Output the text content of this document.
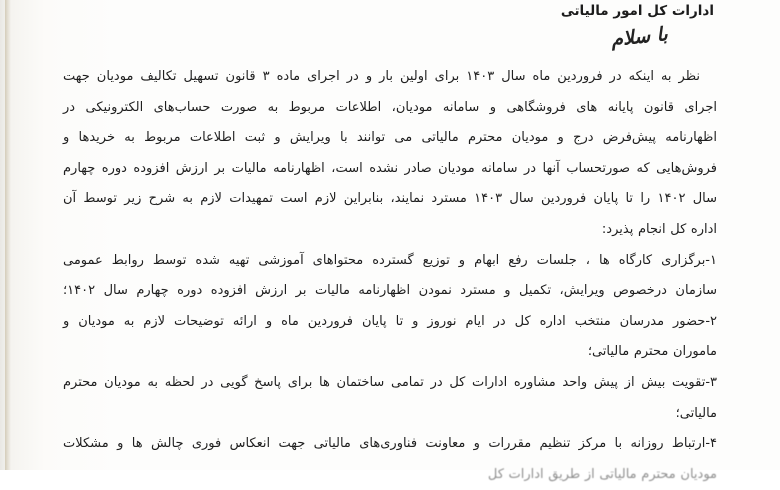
ادارات کل امور مالیاتی
با سلام
نظر به اینکه در فروردین ماه سال ۱۴۰۳ برای اولین بار و در اجرای ماده ۳ قانون تسهیل تکالیف مودیان جهت
اجرای قانون پایانه های فروشگاهی و سامانه مودیان، اطلاعات مربوط به صورت حساب‌های الکترونیکی در
اظهارنامه پیش‌فرض درج و مودیان محترم مالیاتی می توانند با ویرایش و ثبت اطلاعات مربوط به خریدها و
فروش‌هایی که صورتحساب آنها در سامانه مودیان صادر نشده است، اظهارنامه مالیات بر ارزش افزوده دوره چهارم
سال ۱۴۰۲ را تا پایان فروردین سال ۱۴۰۳ مسترد نمایند، بنابراین لازم است تمهیدات لازم به شرح زیر توسط آن
اداره کل انجام پذیرد:
۱-برگزاری کارگاه ها ، جلسات رفع ابهام و توزیع گسترده محتواهای آموزشی تهیه شده توسط روابط عمومی
سازمان درخصوص ویرایش، تکمیل و مسترد نمودن اظهارنامه مالیات بر ارزش افزوده دوره چهارم سال ۱۴۰۲؛
۲-حضور مدرسان منتخب اداره کل در ایام نوروز و تا پایان فروردین ماه و ارائه توضیحات لازم به مودیان و
ماموران محترم مالیاتی؛
۳-تقویت بیش از پیش واحد مشاوره ادارات کل در تمامی ساختمان ها برای پاسخ گویی در لحظه به مودیان محترم
مالیاتی؛
۴-ارتباط روزانه با مرکز تنظیم مقررات و معاونت فناوری‌های مالیاتی جهت انعکاس فوری چالش ها و مشکلات
مودیان محترم مالیاتی از طریق ادارات کل
